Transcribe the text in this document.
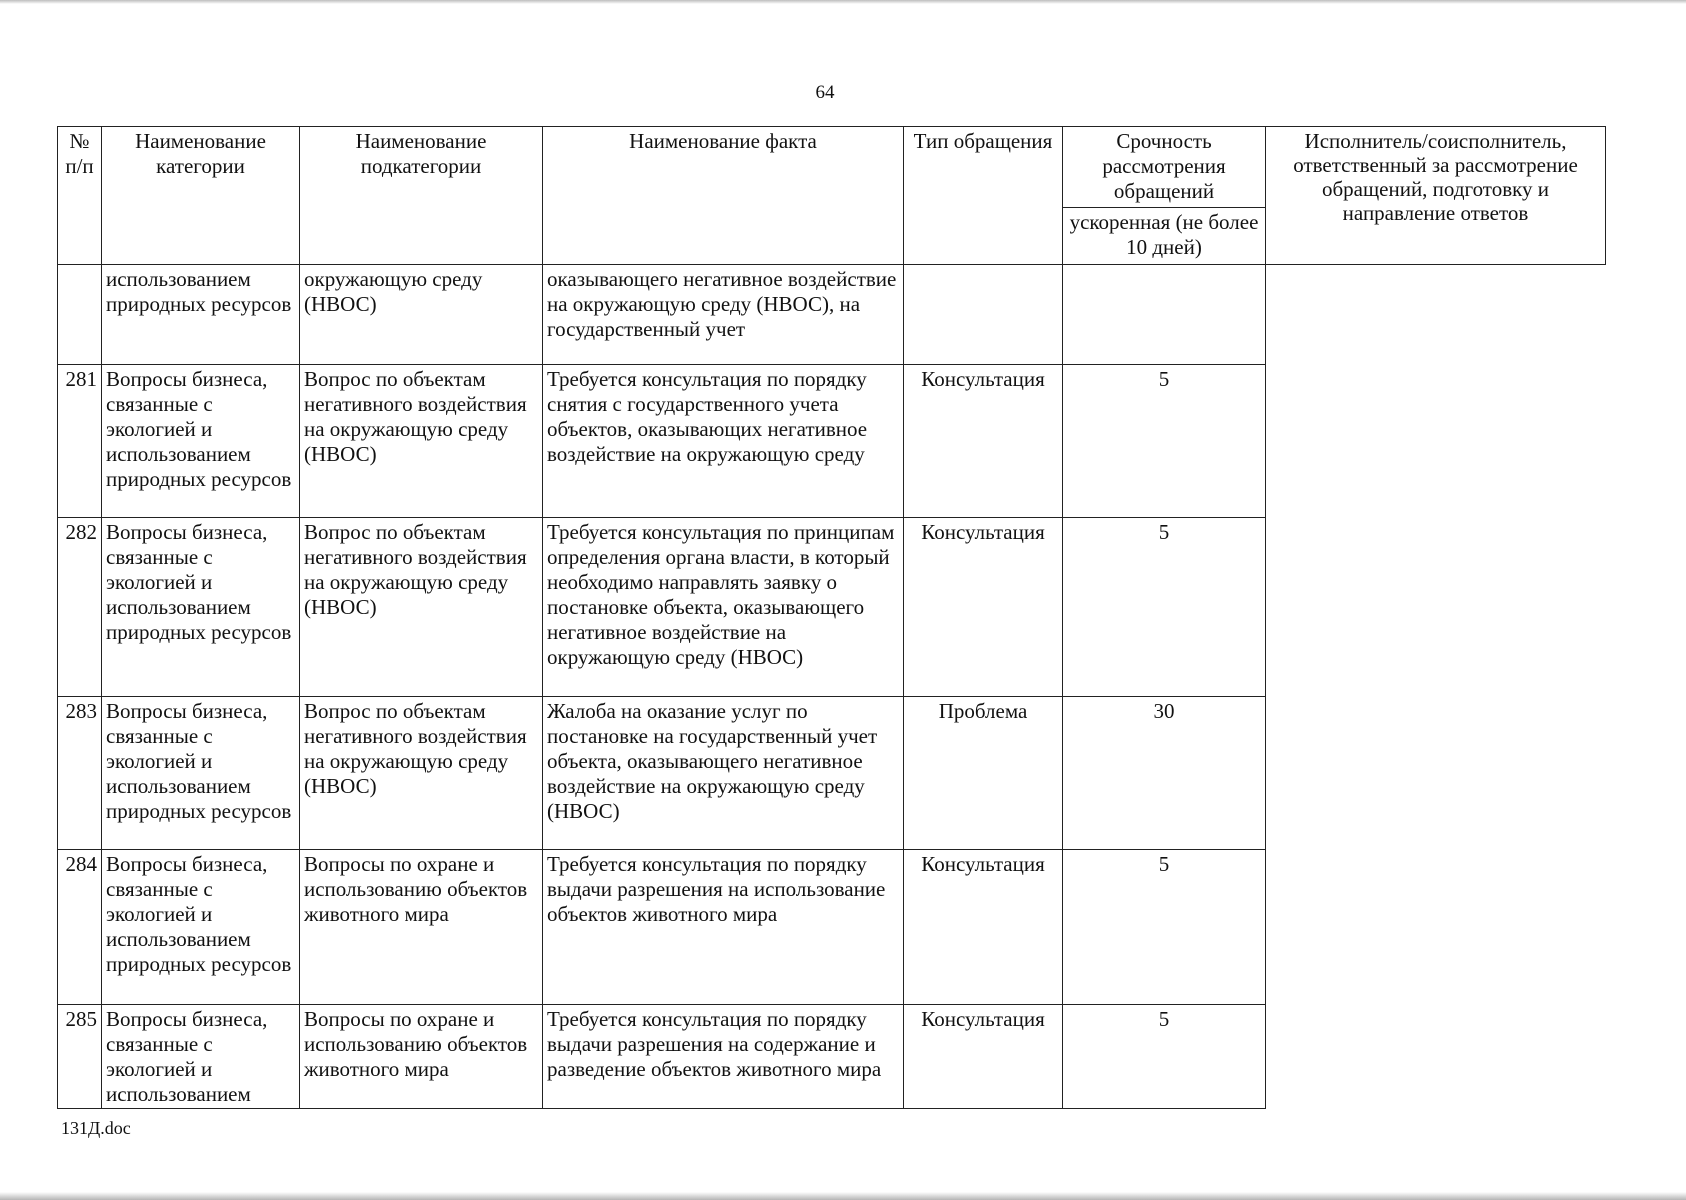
64
№ п/п	Наименование категории	Наименование подкатегории	Наименование факта	Тип обращения	Срочность рассмотрения обращений	Исполнитель/соисполнитель, ответственный за рассмотрение обращений, подготовку и направление ответов
					ускоренная (не более 10 дней)	
	использованием природных ресурсов	окружающую среду (НВОС)	оказывающего негативное воздействие на окружающую среду (НВОС), на государственный учет			
281	Вопросы бизнеса, связанные с экологией и использованием природных ресурсов	Вопрос по объектам негативного воздействия на окружающую среду (НВОС)	Требуется консультация по порядку снятия с государственного учета объектов, оказывающих негативное воздействие на окружающую среду	Консультация	5	
282	Вопросы бизнеса, связанные с экологией и использованием природных ресурсов	Вопрос по объектам негативного воздействия на окружающую среду (НВОС)	Требуется консультация по принципам определения органа власти, в который необходимо направлять заявку о постановке объекта, оказывающего негативное воздействие на окружающую среду (НВОС)	Консультация	5	
283	Вопросы бизнеса, связанные с экологией и использованием природных ресурсов	Вопрос по объектам негативного воздействия на окружающую среду (НВОС)	Жалоба на оказание услуг по постановке на государственный учет объекта, оказывающего негативное воздействие на окружающую среду (НВОС)	Проблема	30	
284	Вопросы бизнеса, связанные с экологией и использованием природных ресурсов	Вопросы по охране и использованию объектов животного мира	Требуется консультация по порядку выдачи разрешения на использование объектов животного мира	Консультация	5	
285	Вопросы бизнеса, связанные с экологией и использованием	Вопросы по охране и использованию объектов животного мира	Требуется консультация по порядку выдачи разрешения на содержание и разведение объектов животного мира	Консультация	5	
131Д.doc
